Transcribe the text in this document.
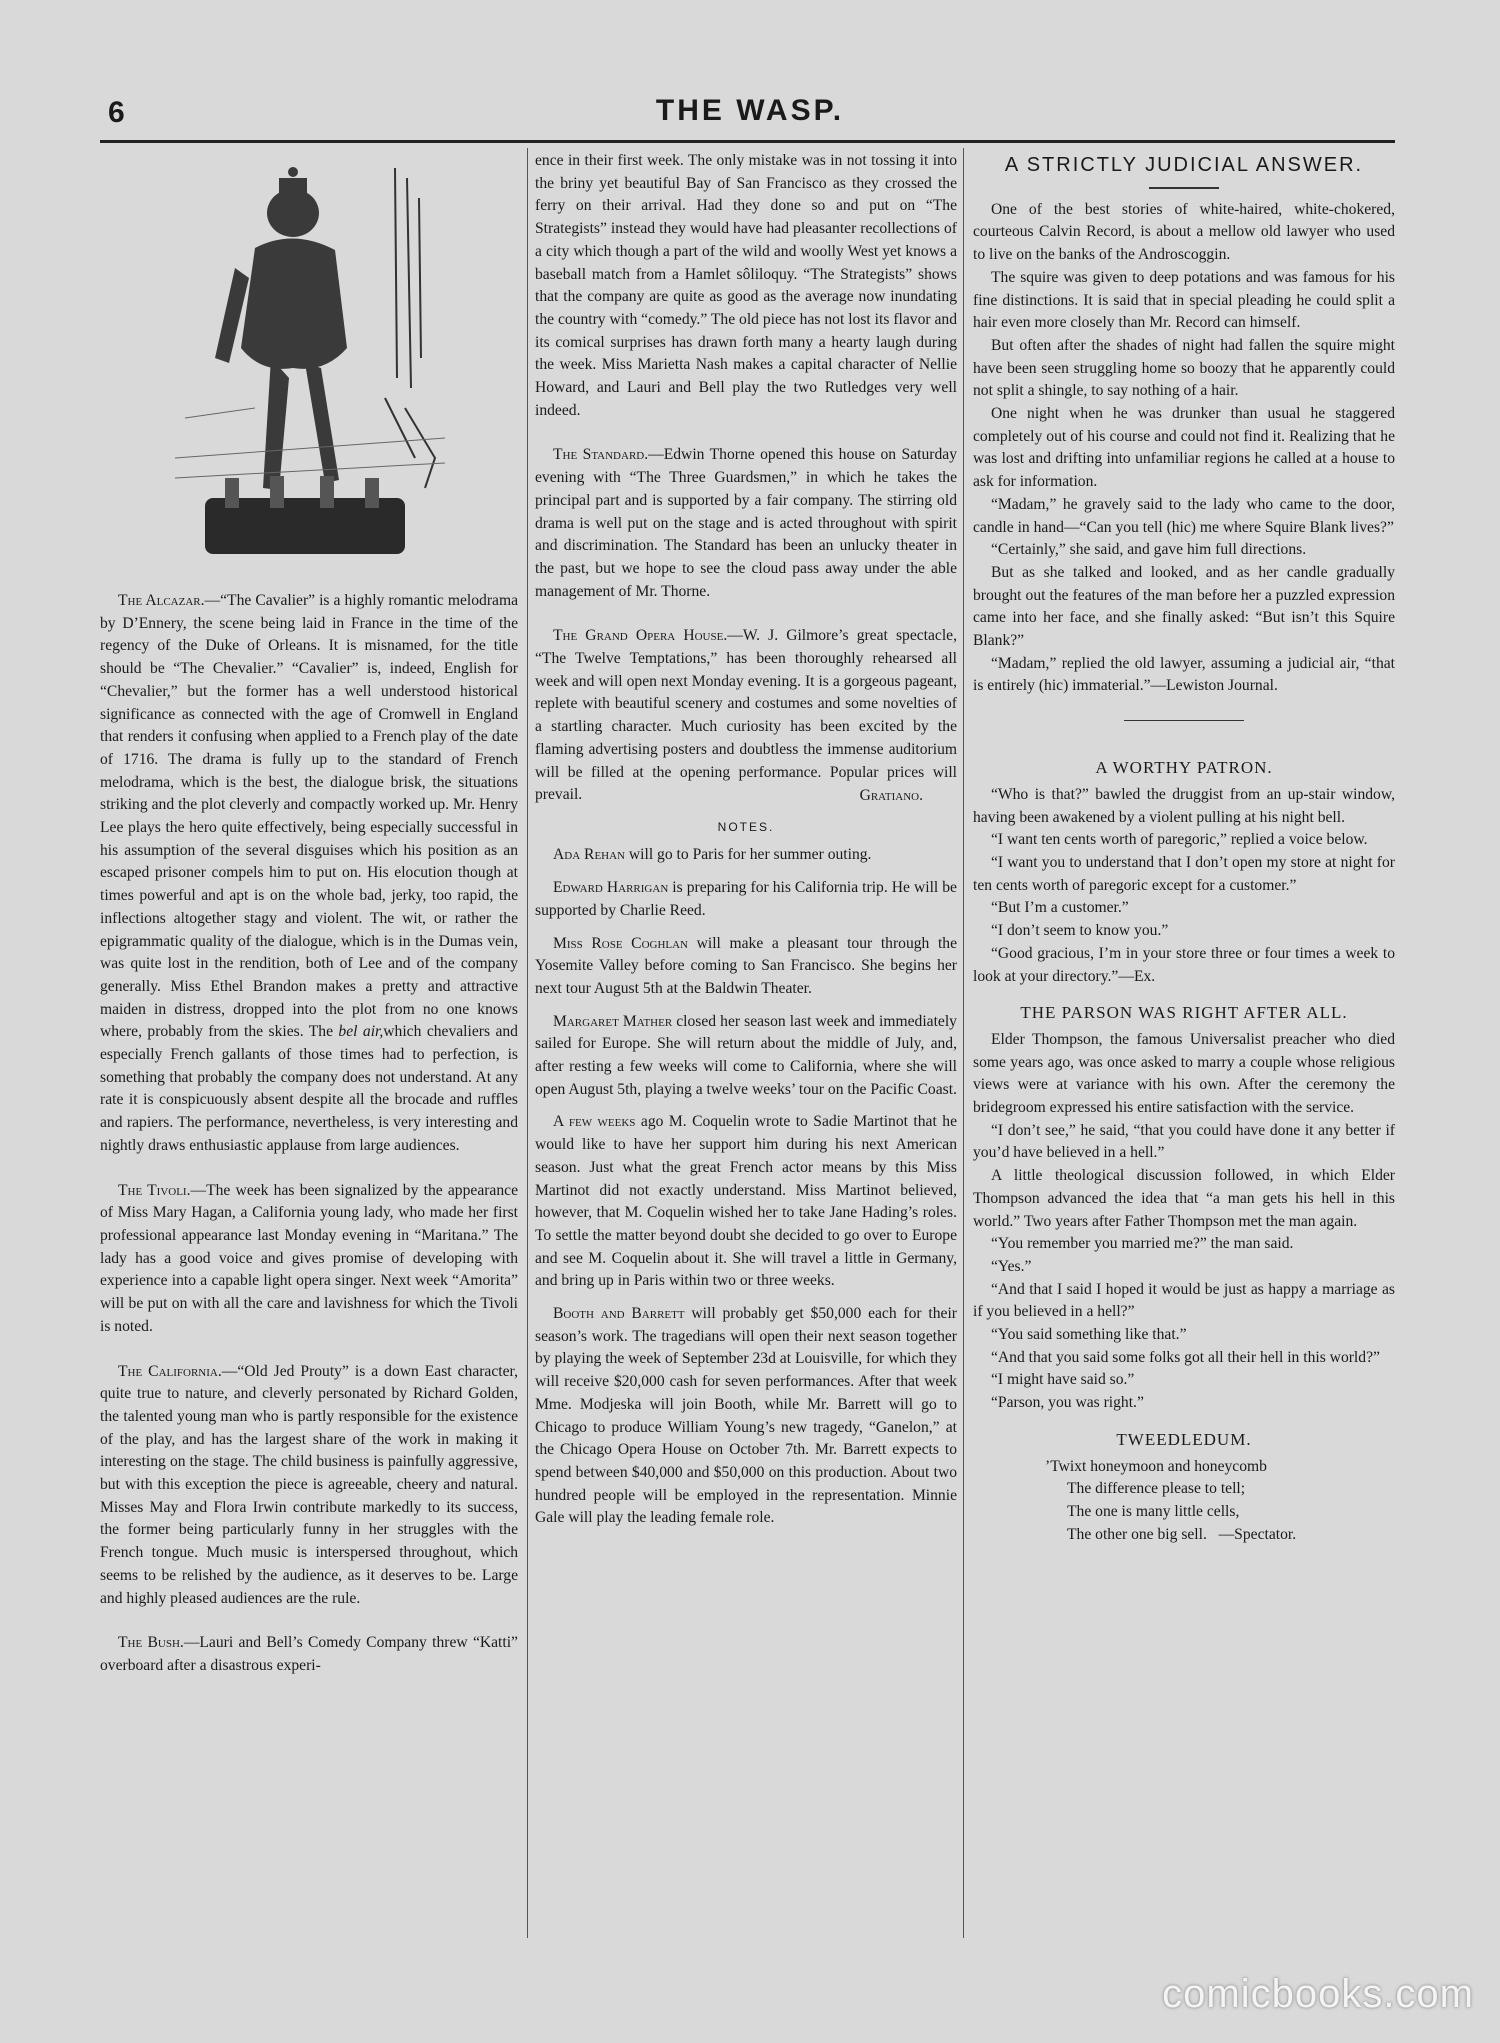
6	THE WASP.

The Alcazar.—“The Cavalier” is a highly romantic melodrama by D’Ennery, the scene being laid in France in the time of the regency of the Duke of Orleans. It is misnamed, for the title should be “The Chevalier.” “Cavalier” is, indeed, English for “Chevalier,” but the former has a well understood historical significance as connected with the age of Cromwell in England that renders it confusing when applied to a French play of the date of 1716. The drama is fully up to the standard of French melodrama, which is the best, the dialogue brisk, the situations striking and the plot cleverly and compactly worked up. Mr. Henry Lee plays the hero quite effectively, being especially successful in his assumption of the several disguises which his position as an escaped prisoner compels him to put on. His elocution though at times powerful and apt is on the whole bad, jerky, too rapid, the inflections altogether stagy and violent. The wit, or rather the epigrammatic quality of the dialogue, which is in the Dumas vein, was quite lost in the rendition, both of Lee and of the company generally. Miss Ethel Brandon makes a pretty and attractive maiden in distress, dropped into the plot from no one knows where, probably from the skies. The bel air,which chevaliers and especially French gallants of those times had to perfection, is something that probably the company does not understand. At any rate it is conspicuously absent despite all the brocade and ruffles and rapiers. The performance, nevertheless, is very interesting and nightly draws enthusiastic applause from large audiences.

The Tivoli.—The week has been signalized by the appearance of Miss Mary Hagan, a California young lady, who made her first professional appearance last Monday evening in “Maritana.” The lady has a good voice and gives promise of developing with experience into a capable light opera singer. Next week “Amorita” will be put on with all the care and lavishness for which the Tivoli is noted.

The California.—“Old Jed Prouty” is a down East character, quite true to nature, and cleverly personated by Richard Golden, the talented young man who is partly responsible for the existence of the play, and has the largest share of the work in making it interesting on the stage. The child business is painfully aggressive, but with this exception the piece is agreeable, cheery and natural. Misses May and Flora Irwin contribute markedly to its success, the former being particularly funny in her struggles with the French tongue. Much music is interspersed throughout, which seems to be relished by the audience, as it deserves to be. Large and highly pleased audiences are the rule.

The Bush.—Lauri and Bell’s Comedy Company threw “Katti” overboard after a disastrous experi-

ence in their first week. The only mistake was in not tossing it into the briny yet beautiful Bay of San Francisco as they crossed the ferry on their arrival. Had they done so and put on “The Strategists” instead they would have had pleasanter recollections of a city which though a part of the wild and woolly West yet knows a baseball match from a Hamlet sôliloquy. “The Strategists” shows that the company are quite as good as the average now inundating the country with “comedy.” The old piece has not lost its flavor and its comical surprises has drawn forth many a hearty laugh during the week. Miss Marietta Nash makes a capital character of Nellie Howard, and Lauri and Bell play the two Rutledges very well indeed.

The Standard.—Edwin Thorne opened this house on Saturday evening with “The Three Guardsmen,” in which he takes the principal part and is supported by a fair company. The stirring old drama is well put on the stage and is acted throughout with spirit and discrimination. The Standard has been an unlucky theater in the past, but we hope to see the cloud pass away under the able management of Mr. Thorne.

The Grand Opera House.—W. J. Gilmore’s great spectacle, “The Twelve Temptations,” has been thoroughly rehearsed all week and will open next Monday evening. It is a gorgeous pageant, replete with beautiful scenery and costumes and some novelties of a startling character. Much curiosity has been excited by the flaming advertising posters and doubtless the immense auditorium will be filled at the opening performance. Popular prices will prevail.	Gratiano.
NOTES.

Ada Rehan will go to Paris for her summer outing.

Edward Harrigan is preparing for his California trip. He will be supported by Charlie Reed.

Miss Rose Coghlan will make a pleasant tour through the Yosemite Valley before coming to San Francisco. She begins her next tour August 5th at the Baldwin Theater.

Margaret Mather closed her season last week and immediately sailed for Europe. She will return about the middle of July, and, after resting a few weeks will come to California, where she will open August 5th, playing a twelve weeks’ tour on the Pacific Coast.

A few weeks ago M. Coquelin wrote to Sadie Martinot that he would like to have her support him during his next American season. Just what the great French actor means by this Miss Martinot did not exactly understand. Miss Martinot believed, however, that M. Coquelin wished her to take Jane Hading’s roles. To settle the matter beyond doubt she decided to go over to Europe and see M. Coquelin about it. She will travel a little in Germany, and bring up in Paris within two or three weeks.

Booth and Barrett will probably get $50,000 each for their season’s work. The tragedians will open their next season together by playing the week of September 23d at Louisville, for which they will receive $20,000 cash for seven performances. After that week Mme. Modjeska will join Booth, while Mr. Barrett will go to Chicago to produce William Young’s new tragedy, “Ganelon,” at the Chicago Opera House on October 7th. Mr. Barrett expects to spend between $40,000 and $50,000 on this production. About two hundred people will be employed in the representation. Minnie Gale will play the leading female role.

A STRICTLY JUDICIAL ANSWER.

One of the best stories of white-haired, white-chokered, courteous Calvin Record, is about a mellow old lawyer who used to live on the banks of the Androscoggin.

The squire was given to deep potations and was famous for his fine distinctions. It is said that in special pleading he could split a hair even more closely than Mr. Record can himself.

But often after the shades of night had fallen the squire might have been seen struggling home so boozy that he apparently could not split a shingle, to say nothing of a hair.

One night when he was drunker than usual he staggered completely out of his course and could not find it. Realizing that he was lost and drifting into unfamiliar regions he called at a house to ask for information.

“Madam,” he gravely said to the lady who came to the door, candle in hand—“Can you tell (hic) me where Squire Blank lives?”

“Certainly,” she said, and gave him full directions.

But as she talked and looked, and as her candle gradually brought out the features of the man before her a puzzled expression came into her face, and she finally asked: “But isn’t this Squire Blank?”

“Madam,” replied the old lawyer, assuming a judicial air, “that is entirely (hic) immaterial.”—Lewiston Journal.

A WORTHY PATRON.

“Who is that?” bawled the druggist from an up-stair window, having been awakened by a violent pulling at his night bell.

“I want ten cents worth of paregoric,” replied a voice below.

“I want you to understand that I don’t open my store at night for ten cents worth of paregoric except for a customer.”

“But I’m a customer.”

“I don’t seem to know you.”

“Good gracious, I’m in your store three or four times a week to look at your directory.”—Ex.

THE PARSON WAS RIGHT AFTER ALL.

Elder Thompson, the famous Universalist preacher who died some years ago, was once asked to marry a couple whose religious views were at variance with his own. After the ceremony the bridegroom expressed his entire satisfaction with the service.

“I don’t see,” he said, “that you could have done it any better if you’d have believed in a hell.”

A little theological discussion followed, in which Elder Thompson advanced the idea that “a man gets his hell in this world.” Two years after Father Thompson met the man again.

“You remember you married me?” the man said.

“Yes.”

“And that I said I hoped it would be just as happy a marriage as if you believed in a hell?”

“You said something like that.”

“And that you said some folks got all their hell in this world?”

“I might have said so.”

“Parson, you was right.”

TWEEDLEDUM.
’Twixt honeymoon and honeycomb
The difference please to tell;
The one is many little cells,
The other one big sell. —Spectator.
comicbooks.com
